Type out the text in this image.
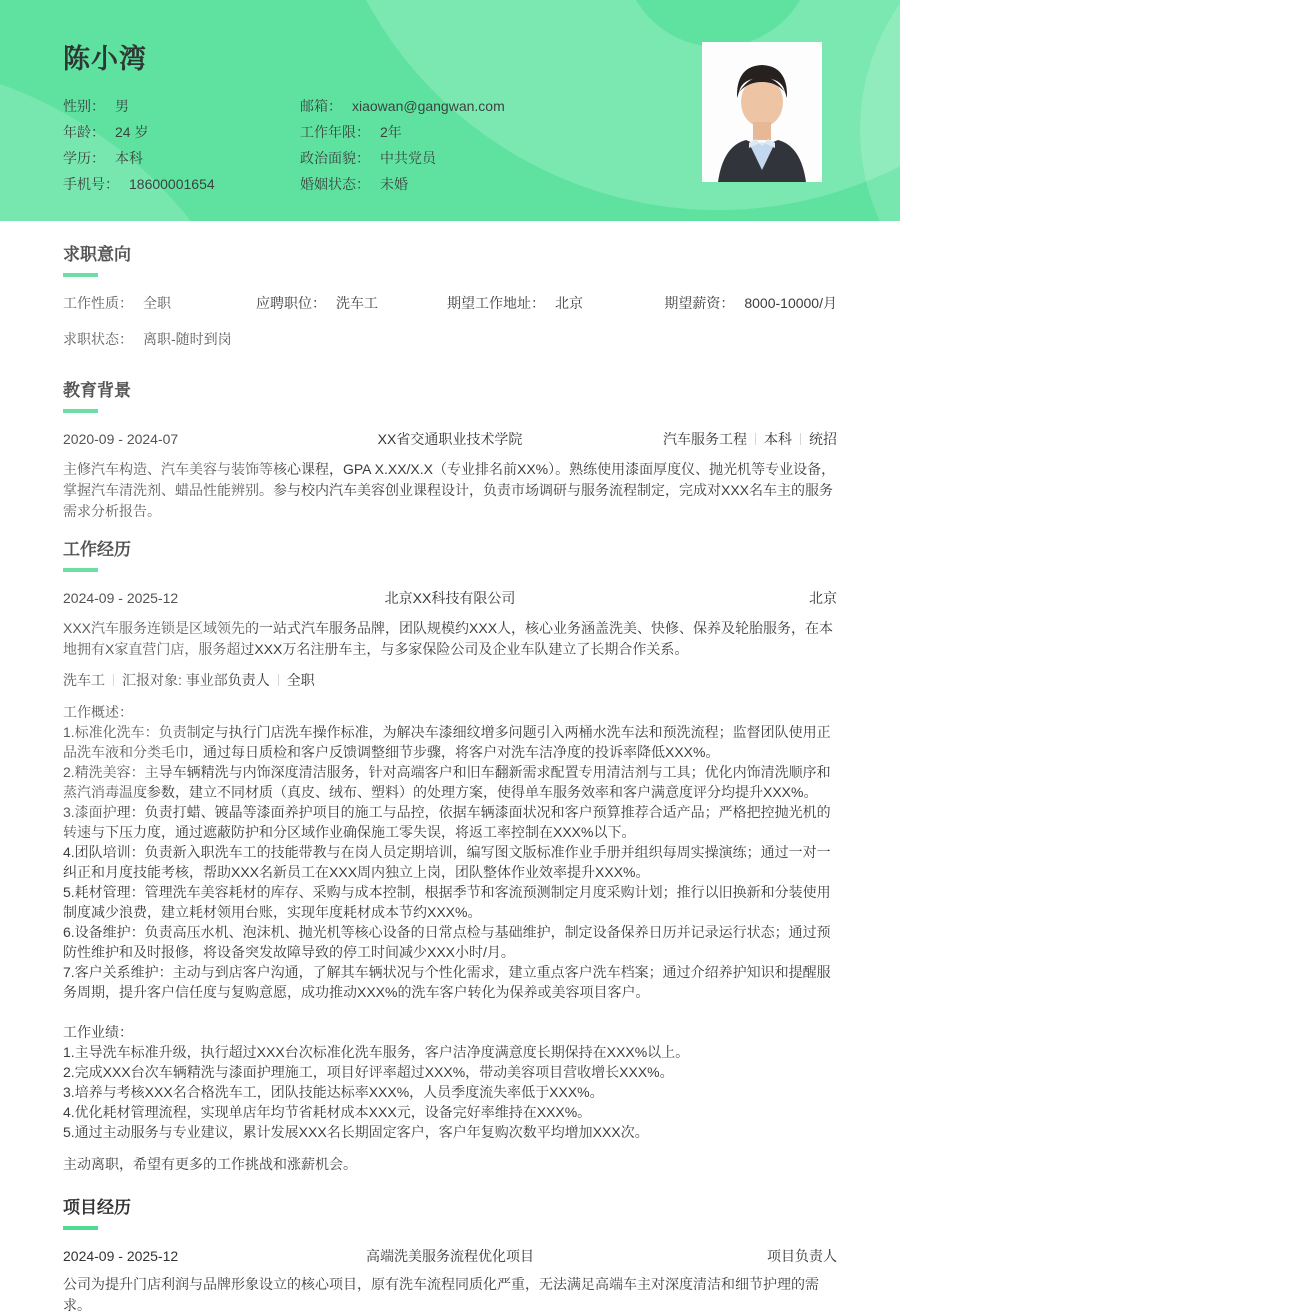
陈小湾
性别： 男
年龄： 24 岁
学历： 本科
手机号： 18600001654
邮箱： xiaowan@gangwan.com
工作年限： 2年
政治面貌： 中共党员
婚姻状态： 未婚
求职意向
工作性质： 全职	应聘职位： 洗车工	期望工作地址： 北京	期望薪资： 8000-10000/月
求职状态： 离职-随时到岗
教育背景
2020-09 - 2024-07	XX省交通职业技术学院	汽车服务工程 本科 统招

主修汽车构造、汽车美容与装饰等核心课程，GPA X.XX/X.X（专业排名前XX%）。熟练使用漆面厚度仪、抛光机等专业设备，掌握汽车清洗剂、蜡品性能辨别。参与校内汽车美容创业课程设计，负责市场调研与服务流程制定，完成对XXX名车主的服务需求分析报告。

工作经历
2024-09 - 2025-12	北京XX科技有限公司	北京

XXX汽车服务连锁是区域领先的一站式汽车服务品牌，团队规模约XXX人，核心业务涵盖洗美、快修、保养及轮胎服务，在本地拥有X家直营门店，服务超过XXX万名注册车主，与多家保险公司及企业车队建立了长期合作关系。

洗车工 汇报对象: 事业部负责人 全职
工作概述：
1.标准化洗车：负责制定与执行门店洗车操作标准，为解决车漆细纹增多问题引入两桶水洗车法和预洗流程；监督团队使用正品洗车液和分类毛巾，通过每日质检和客户反馈调整细节步骤，将客户对洗车洁净度的投诉率降低XXX%。
2.精洗美容：主导车辆精洗与内饰深度清洁服务，针对高端客户和旧车翻新需求配置专用清洁剂与工具；优化内饰清洗顺序和蒸汽消毒温度参数，建立不同材质（真皮、绒布、塑料）的处理方案，使得单车服务效率和客户满意度评分均提升XXX%。
3.漆面护理：负责打蜡、镀晶等漆面养护项目的施工与品控，依据车辆漆面状况和客户预算推荐合适产品；严格把控抛光机的转速与下压力度，通过遮蔽防护和分区域作业确保施工零失误，将返工率控制在XXX%以下。
4.团队培训：负责新入职洗车工的技能带教与在岗人员定期培训，编写图文版标准作业手册并组织每周实操演练；通过一对一纠正和月度技能考核，帮助XXX名新员工在XXX周内独立上岗，团队整体作业效率提升XXX%。
5.耗材管理：管理洗车美容耗材的库存、采购与成本控制，根据季节和客流预测制定月度采购计划；推行以旧换新和分装使用制度减少浪费，建立耗材领用台账，实现年度耗材成本节约XXX%。
6.设备维护：负责高压水机、泡沫机、抛光机等核心设备的日常点检与基础维护，制定设备保养日历并记录运行状态；通过预防性维护和及时报修，将设备突发故障导致的停工时间减少XXX小时/月。
7.客户关系维护：主动与到店客户沟通，了解其车辆状况与个性化需求，建立重点客户洗车档案；通过介绍养护知识和提醒服务周期，提升客户信任度与复购意愿，成功推动XXX%的洗车客户转化为保养或美容项目客户。
工作业绩：
1.主导洗车标准升级，执行超过XXX台次标准化洗车服务，客户洁净度满意度长期保持在XXX%以上。
2.完成XXX台次车辆精洗与漆面护理施工，项目好评率超过XXX%，带动美容项目营收增长XXX%。
3.培养与考核XXX名合格洗车工，团队技能达标率XXX%，人员季度流失率低于XXX%。
4.优化耗材管理流程，实现单店年均节省耗材成本XXX元，设备完好率维持在XXX%。
5.通过主动服务与专业建议，累计发展XXX名长期固定客户，客户年复购次数平均增加XXX次。
主动离职，希望有更多的工作挑战和涨薪机会。
项目经历
2024-09 - 2025-12	高端洗美服务流程优化项目	项目负责人

公司为提升门店利润与品牌形象设立的核心项目，原有洗车流程同质化严重，无法满足高端车主对深度清洁和细节护理的需求。
